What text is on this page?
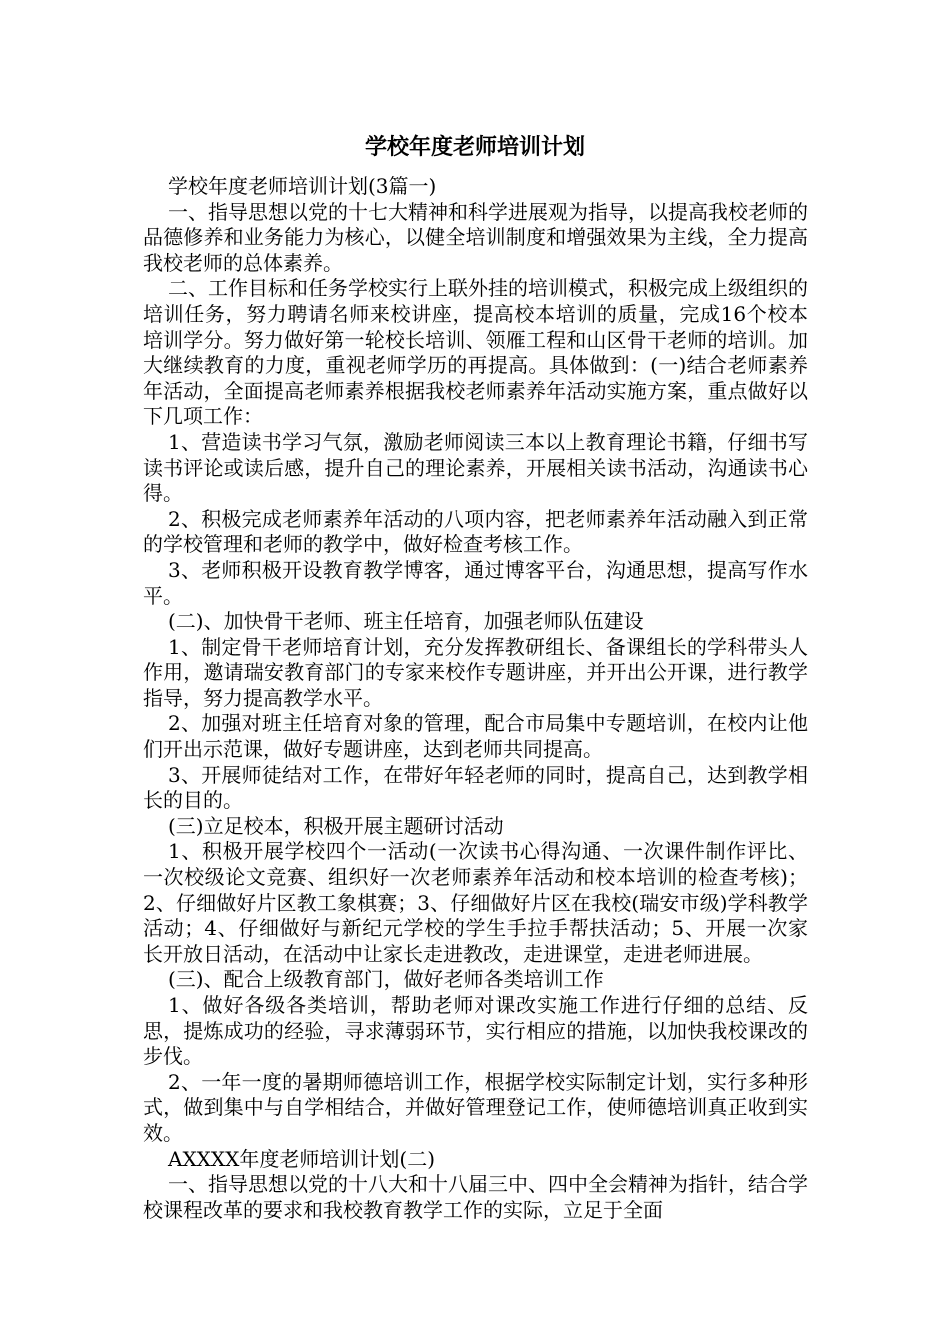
学校年度老师培训计划

学校年度老师培训计划(3篇一)

一、指导思想以党的十七大精神和科学进展观为指导，以提高我校老师的品德修养和业务能力为核心，以健全培训制度和增强效果为主线，全力提高我校老师的总体素养。

二、工作目标和任务学校实行上联外挂的培训模式，积极完成上级组织的培训任务，努力聘请名师来校讲座，提高校本培训的质量，完成16个校本培训学分。努力做好第一轮校长培训、领雁工程和山区骨干老师的培训。加大继续教育的力度，重视老师学历的再提高。具体做到：(一)结合老师素养年活动，全面提高老师素养根据我校老师素养年活动实施方案，重点做好以下几项工作：

1、营造读书学习气氛，激励老师阅读三本以上教育理论书籍，仔细书写读书评论或读后感，提升自己的理论素养，开展相关读书活动，沟通读书心得。

2、积极完成老师素养年活动的八项内容，把老师素养年活动融入到正常的学校管理和老师的教学中，做好检查考核工作。

3、老师积极开设教育教学博客，通过博客平台，沟通思想，提高写作水平。

(二)、加快骨干老师、班主任培育，加强老师队伍建设

1、制定骨干老师培育计划，充分发挥教研组长、备课组长的学科带头人作用，邀请瑞安教育部门的专家来校作专题讲座，并开出公开课，进行教学指导，努力提高教学水平。

2、加强对班主任培育对象的管理，配合市局集中专题培训，在校内让他们开出示范课，做好专题讲座，达到老师共同提高。

3、开展师徒结对工作，在带好年轻老师的同时，提高自己，达到教学相长的目的。

(三)立足校本，积极开展主题研讨活动

1、积极开展学校四个一活动(一次读书心得沟通、一次课件制作评比、一次校级论文竞赛、组织好一次老师素养年活动和校本培训的检查考核)；2、仔细做好片区教工象棋赛；3、仔细做好片区在我校(瑞安市级)学科教学活动；4、仔细做好与新纪元学校的学生手拉手帮扶活动；5、开展一次家长开放日活动，在活动中让家长走进教改，走进课堂，走进老师进展。

(三)、配合上级教育部门，做好老师各类培训工作

1、做好各级各类培训，帮助老师对课改实施工作进行仔细的总结、反思，提炼成功的经验，寻求薄弱环节，实行相应的措施，以加快我校课改的步伐。

2、一年一度的暑期师德培训工作，根据学校实际制定计划，实行多种形式，做到集中与自学相结合，并做好管理登记工作，使师德培训真正收到实效。

AXXXX年度老师培训计划(二)

一、指导思想以党的十八大和十八届三中、四中全会精神为指针，结合学校课程改革的要求和我校教育教学工作的实际，立足于全面
